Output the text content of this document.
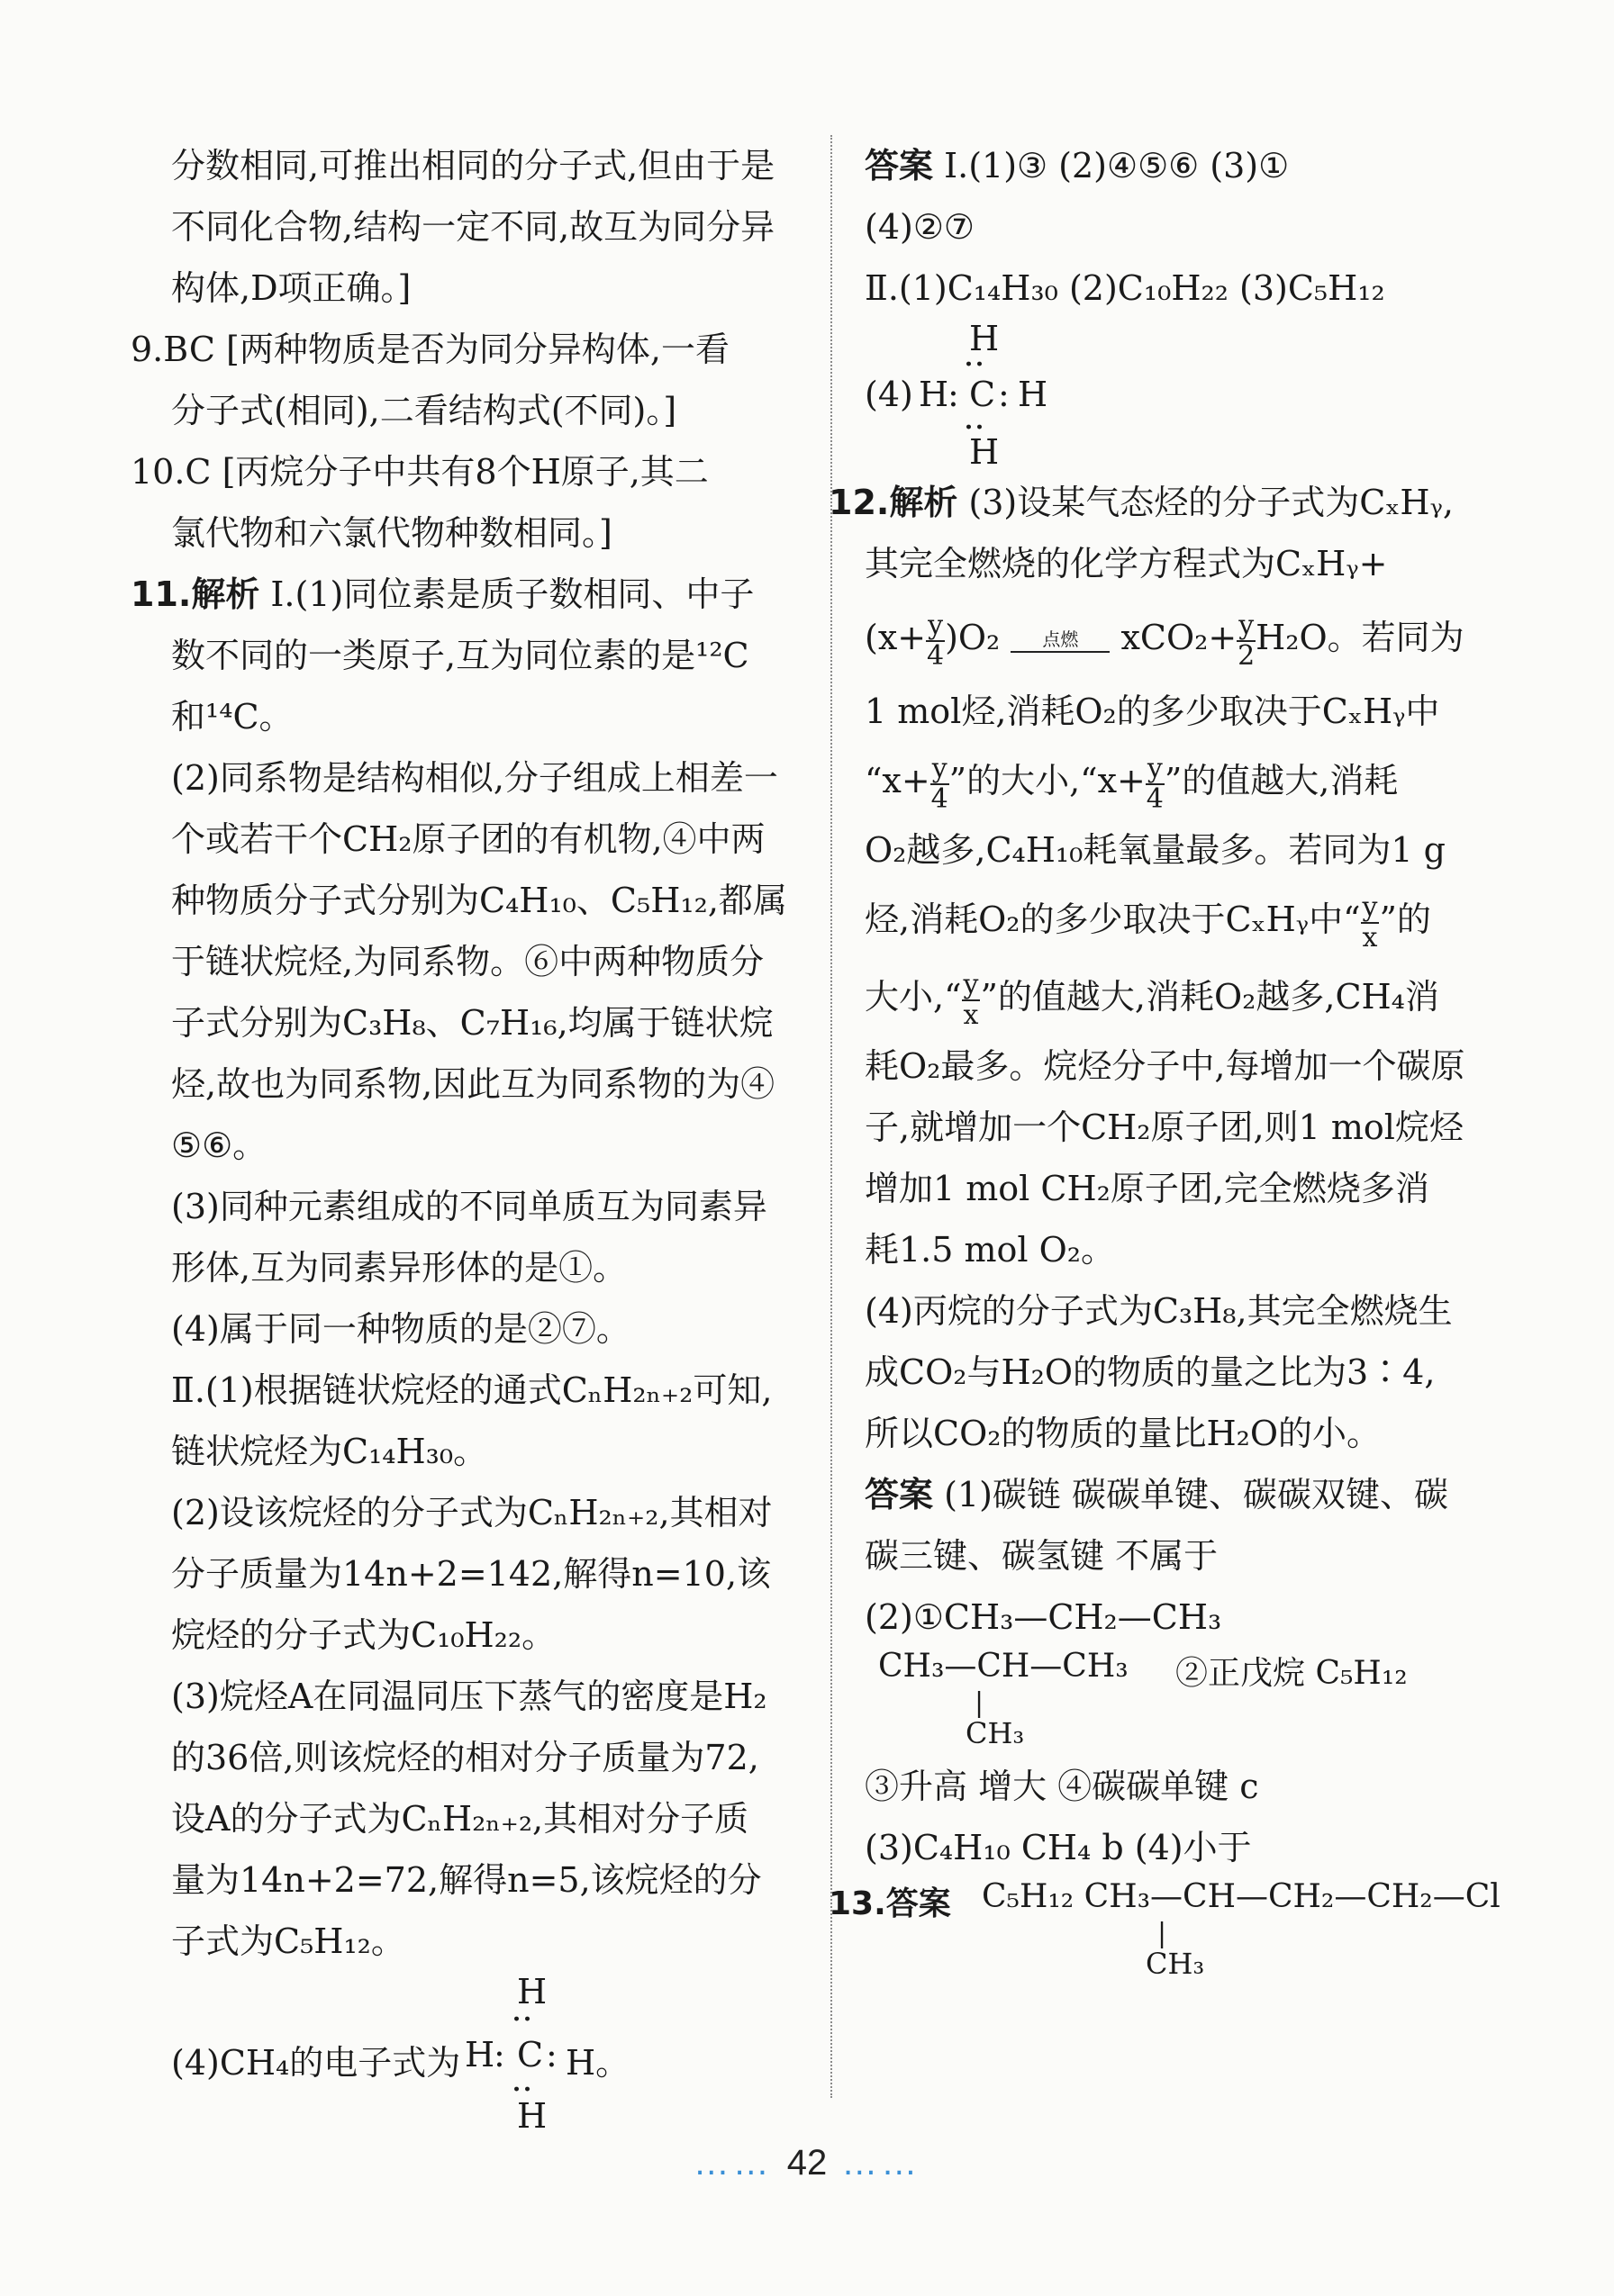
分数相同,可推出相同的分子式,但由于是

不同化合物,结构一定不同,故互为同分异

构体,D项正确。]

9.BC [两种物质是否为同分异构体,一看

分子式(相同),二看结构式(不同)。]

10.C [丙烷分子中共有8个H原子,其二

氯代物和六氯代物种数相同。]

11.解析 Ⅰ.(1)同位素是质子数相同、中子

数不同的一类原子,互为同位素的是¹²C

和¹⁴C。

(2)同系物是结构相似,分子组成上相差一

个或若干个CH₂原子团的有机物,④中两

种物质分子式分别为C₄H₁₀、C₅H₁₂,都属

于链状烷烃,为同系物。⑥中两种物质分

子式分别为C₃H₈、C₇H₁₆,均属于链状烷

烃,故也为同系物,因此互为同系物的为④

⑤⑥。

(3)同种元素组成的不同单质互为同素异

形体,互为同素异形体的是①。

(4)属于同一种物质的是②⑦。

Ⅱ.(1)根据链状烷烃的通式CₙH₂ₙ₊₂可知,

链状烷烃为C₁₄H₃₀。

(2)设该烷烃的分子式为CₙH₂ₙ₊₂,其相对

分子质量为14n+2=142,解得n=10,该

烷烃的分子式为C₁₀H₂₂。

(3)烷烃A在同温同压下蒸气的密度是H₂

的36倍,则该烷烃的相对分子质量为72,

设A的分子式为CₙH₂ₙ₊₂,其相对分子质

量为14n+2=72,解得n=5,该烷烃的分

子式为C₅H₁₂。

(4)CH₄的电子式为 H
: C : H。
H
:
:
H

答案 Ⅰ.(1)③ (2)④⑤⑥ (3)①

(4)②⑦

Ⅱ.(1)C₁₄H₃₀ (2)C₁₀H₂₂ (3)C₅H₁₂

(4) H
: C : H
H
:
:
H

12.解析 (3)设某气态烃的分子式为CₓHᵧ,

其完全燃烧的化学方程式为CₓHᵧ+

$(x+ \frac{y}{4} )O_2$	点燃	$xCO_2+ \frac{y}{2} H_2O$。若同为

1 mol烃,消耗O₂的多少取决于CₓHᵧ中

“$x+ \frac{y}{4}$ ”的大小,“x+ $\frac{y}{4}$ ”的值越大,消耗

O₂越多,C₄H₁₀耗氧量最多。若同为1 g

烃,消耗O₂的多少取决于CₓHᵧ中“ $\frac{y}{x}$ ”的

大小,“ $\frac{y}{x}$ ”的值越大,消耗O₂越多,CH₄消

耗O₂最多。烷烃分子中,每增加一个碳原

子,就增加一个CH₂原子团,则1 mol烷烃

增加1 mol CH₂原子团,完全燃烧多消

耗1.5 mol O₂。

(4)丙烷的分子式为C₃H₈,其完全燃烧生

成CO₂与H₂O的物质的量之比为3∶4,

所以CO₂的物质的量比H₂O的小。

答案 (1)碳链 碳碳单键、碳碳双键、碳

碳三键、碳氢键 不属于

(2)①CH₃—CH₂—CH₃

CH₃—CH—CH₃
|
CH₃
②正戊烷 C₅H₁₂

③升高 增大 ④碳碳单键 c

(3)C₄H₁₀ CH₄ b (4)小于

13.答案 C₅H₁₂ CH₃—CH—CH₂—CH₂—Cl
|
CH₃
…… 42 ……
